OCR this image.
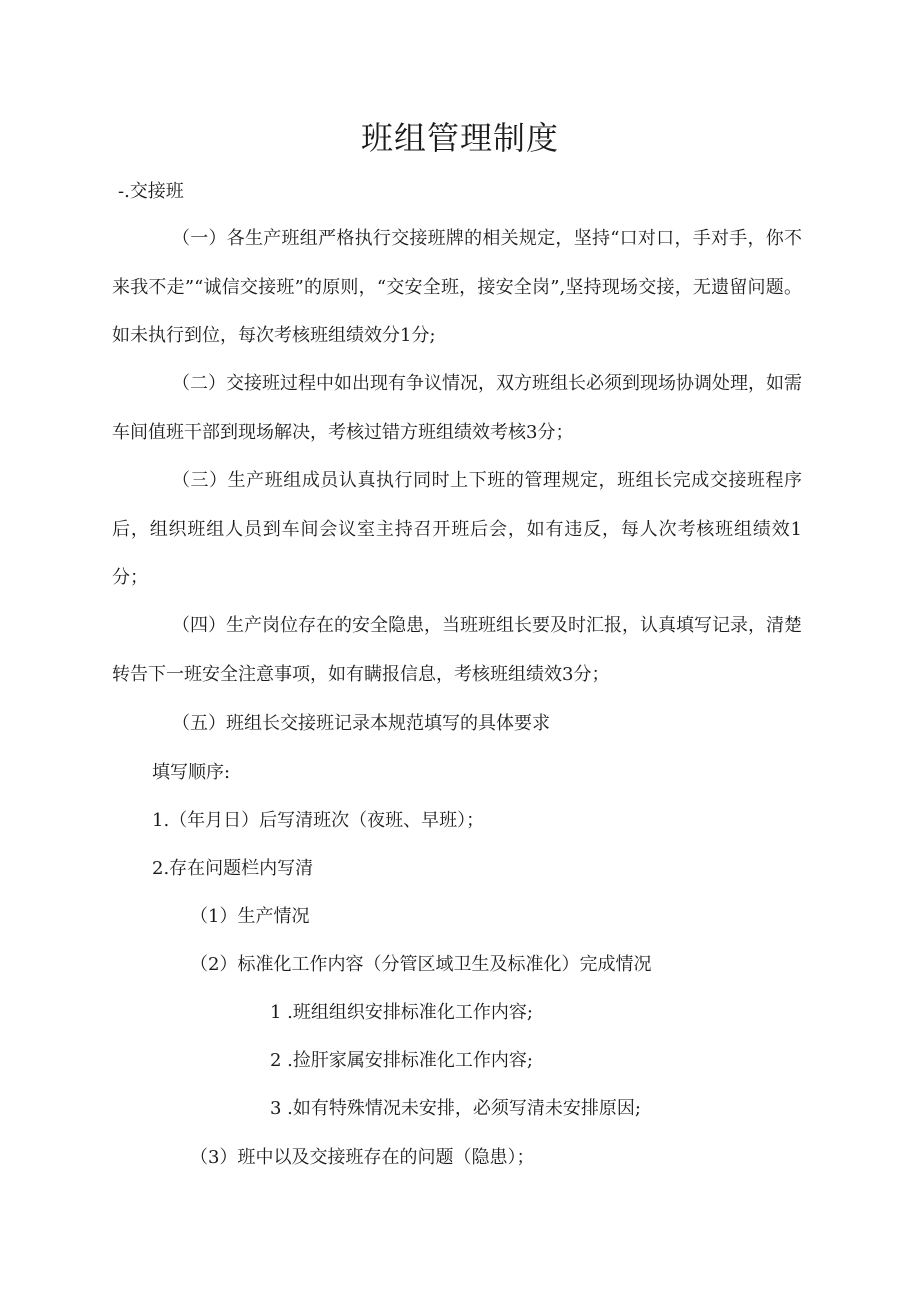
班组管理制度
-.交接班

（一）各生产班组严格执行交接班牌的相关规定，坚持“口对口，手对手，你不来我不走”“诚信交接班”的原则，“交安全班，接安全岗”,坚持现场交接，无遗留问题。如未执行到位，每次考核班组绩效分1分;

（二）交接班过程中如出现有争议情况，双方班组长必须到现场协调处理，如需车间值班干部到现场解决，考核过错方班组绩效考核3分；

（三）生产班组成员认真执行同时上下班的管理规定，班组长完成交接班程序后，组织班组人员到车间会议室主持召开班后会，如有违反，每人次考核班组绩效1分；

（四）生产岗位存在的安全隐患，当班班组长要及时汇报，认真填写记录，清楚转告下一班安全注意事项，如有瞒报信息，考核班组绩效3分；

（五）班组长交接班记录本规范填写的具体要求
填写顺序:
1.（年月日）后写清班次（夜班、早班）；
2.存在问题栏内写清
（1）生产情况
（2）标准化工作内容（分管区域卫生及标准化）完成情况
1 .班组组织安排标准化工作内容;
2 .捡肝家属安排标准化工作内容;
3 .如有特殊情况未安排，必须写清未安排原因;
（3）班中以及交接班存在的问题（隐患）；
